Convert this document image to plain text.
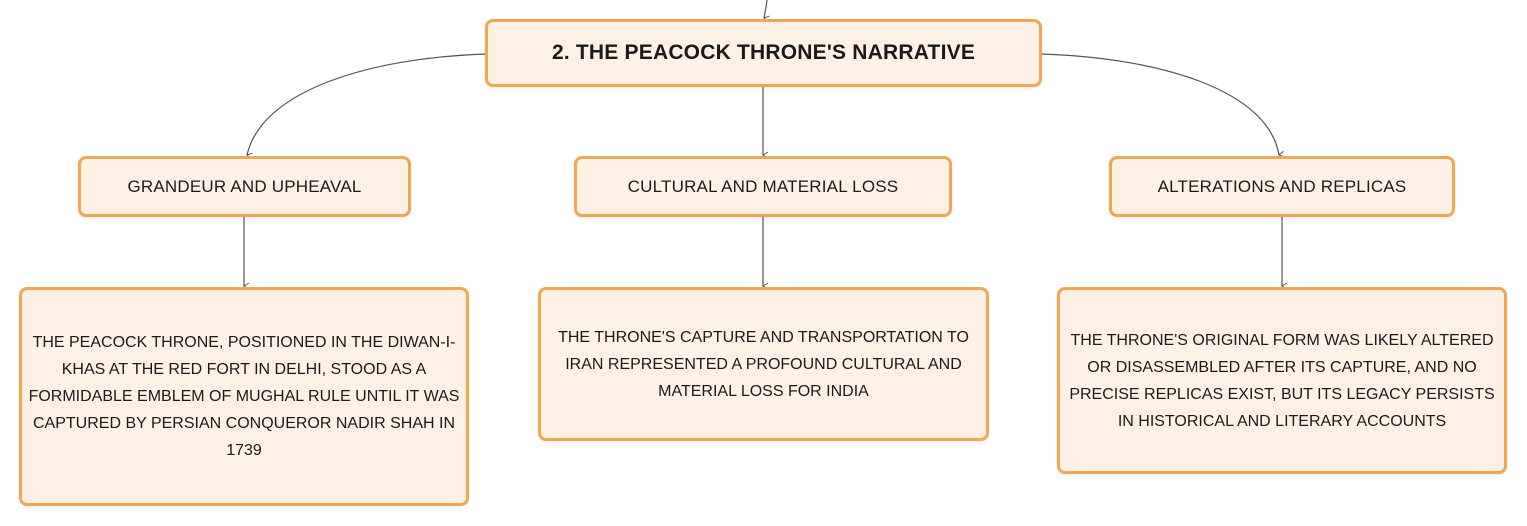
2. THE PEACOCK THRONE'S NARRATIVE
GRANDEUR AND UPHEAVAL	CULTURAL AND MATERIAL LOSS	ALTERATIONS AND REPLICAS
THE PEACOCK THRONE, POSITIONED IN THE DIWAN-I-KHAS AT THE RED FORT IN DELHI, STOOD AS A FORMIDABLE EMBLEM OF MUGHAL RULE UNTIL IT WAS CAPTURED BY PERSIAN CONQUEROR NADIR SHAH IN 1739
THE THRONE'S CAPTURE AND TRANSPORTATION TO IRAN REPRESENTED A PROFOUND CULTURAL AND MATERIAL LOSS FOR INDIA
THE THRONE'S ORIGINAL FORM WAS LIKELY ALTERED OR DISASSEMBLED AFTER ITS CAPTURE, AND NO PRECISE REPLICAS EXIST, BUT ITS LEGACY PERSISTS IN HISTORICAL AND LITERARY ACCOUNTS
